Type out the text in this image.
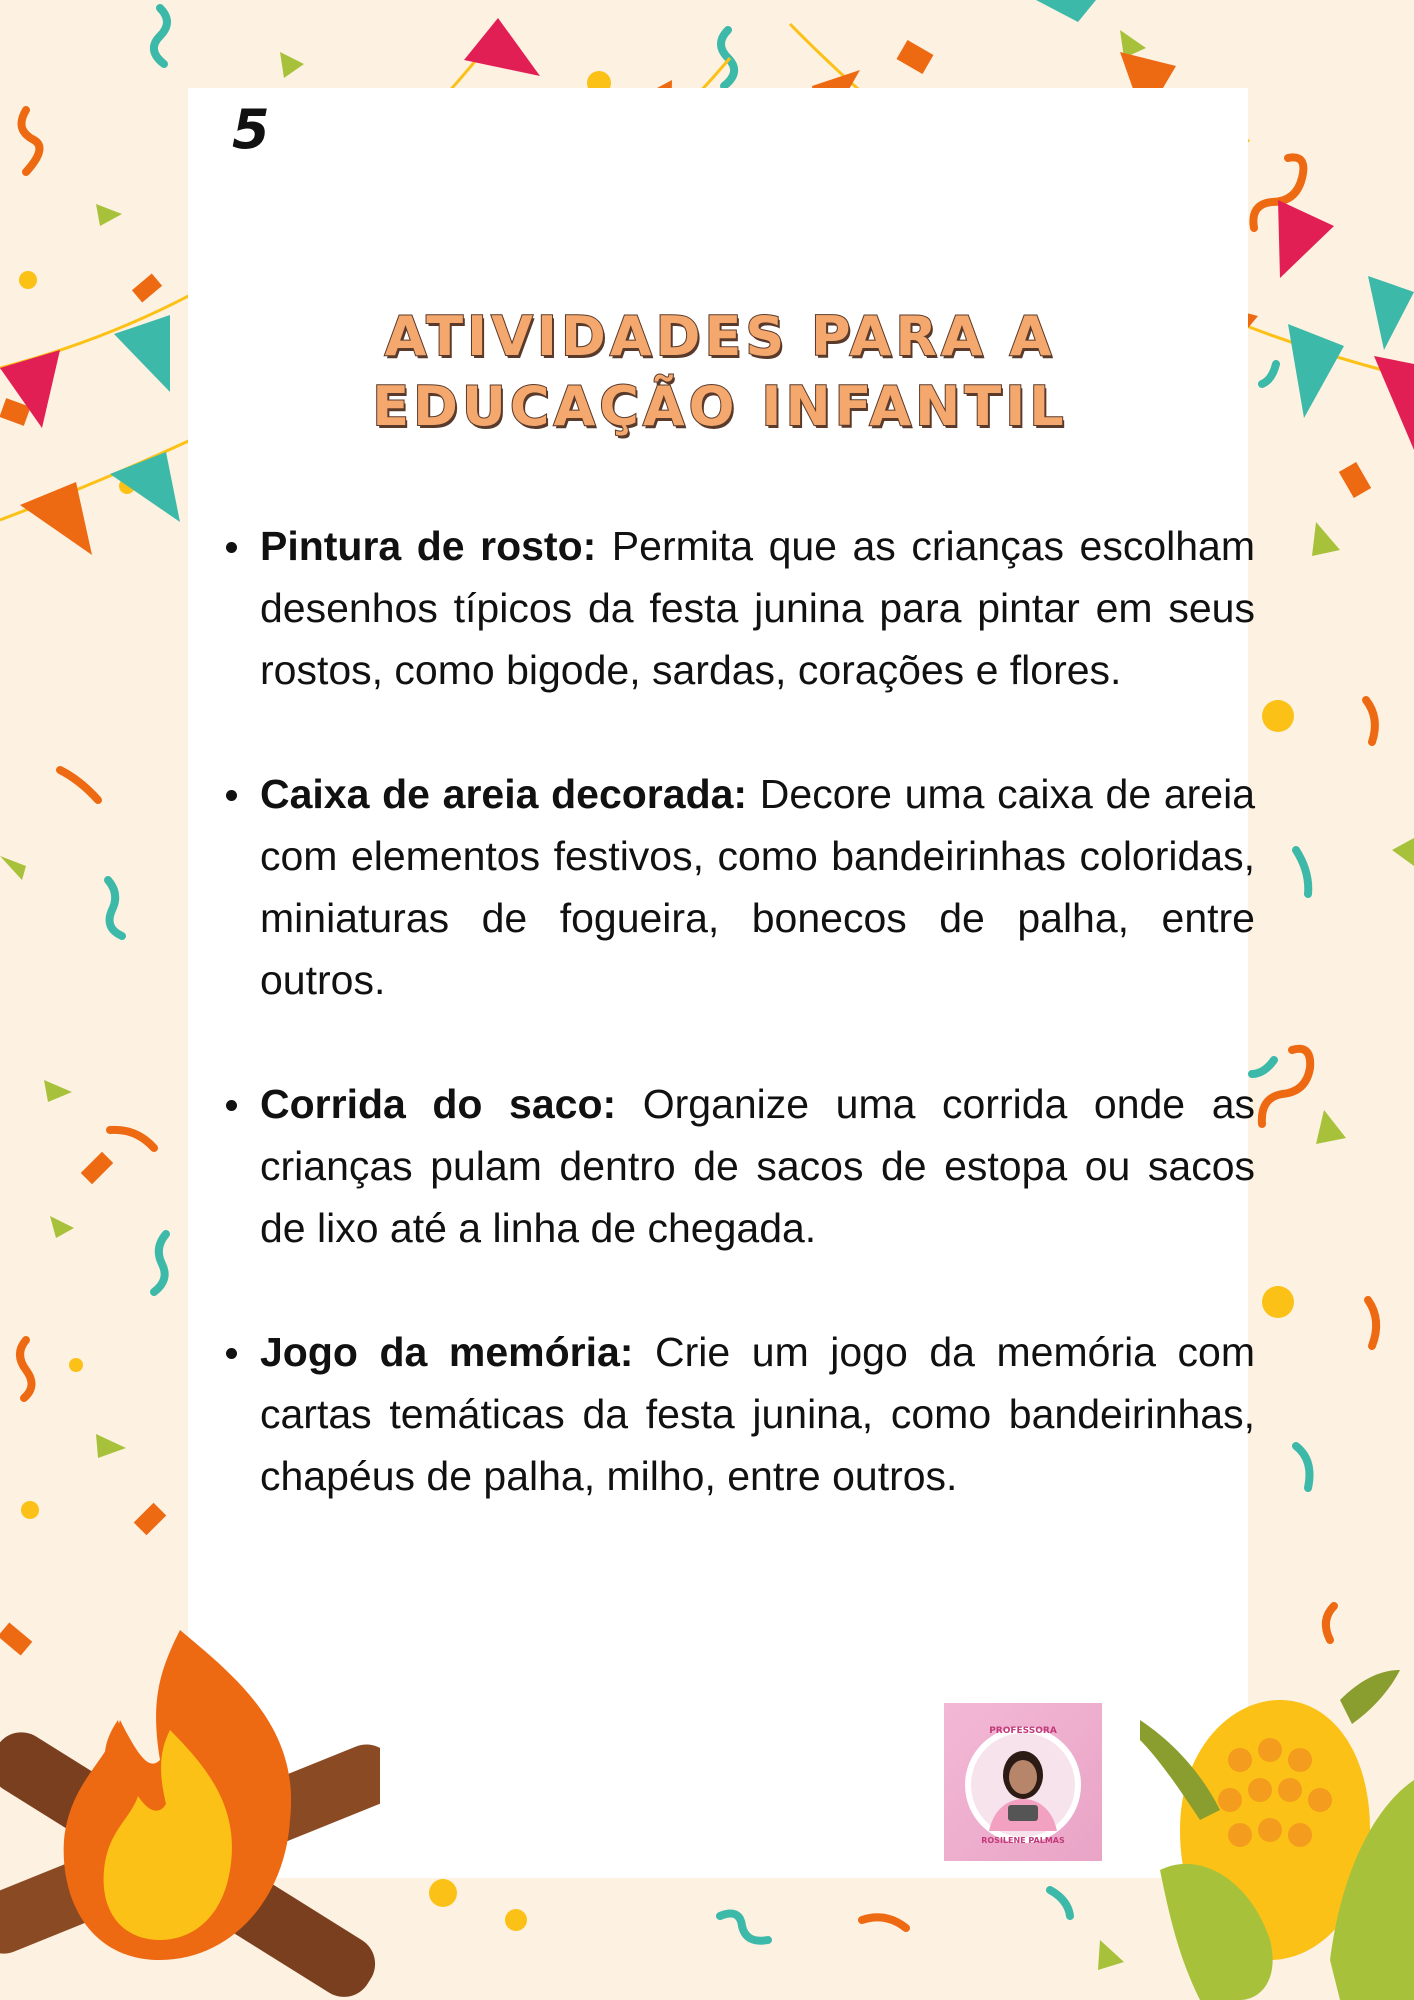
5
ATIVIDADES PARA A
EDUCAÇÃO INFANTIL
Pintura de rosto: Permita que as crianças escolham desenhos típicos da festa junina para pintar em seus rostos, como bigode, sardas, corações e flores.
Caixa de areia decorada: Decore uma caixa de areia com elementos festivos, como bandeirinhas coloridas, miniaturas de fogueira, bonecos de palha, entre outros.
Corrida do saco: Organize uma corrida onde as crianças pulam dentro de sacos de estopa ou sacos de lixo até a linha de chegada.
Jogo da memória: Crie um jogo da memória com cartas temáticas da festa junina, como bandeirinhas, chapéus de palha, milho, entre outros.
PROFESSORA
ROSILENE PALMAS
